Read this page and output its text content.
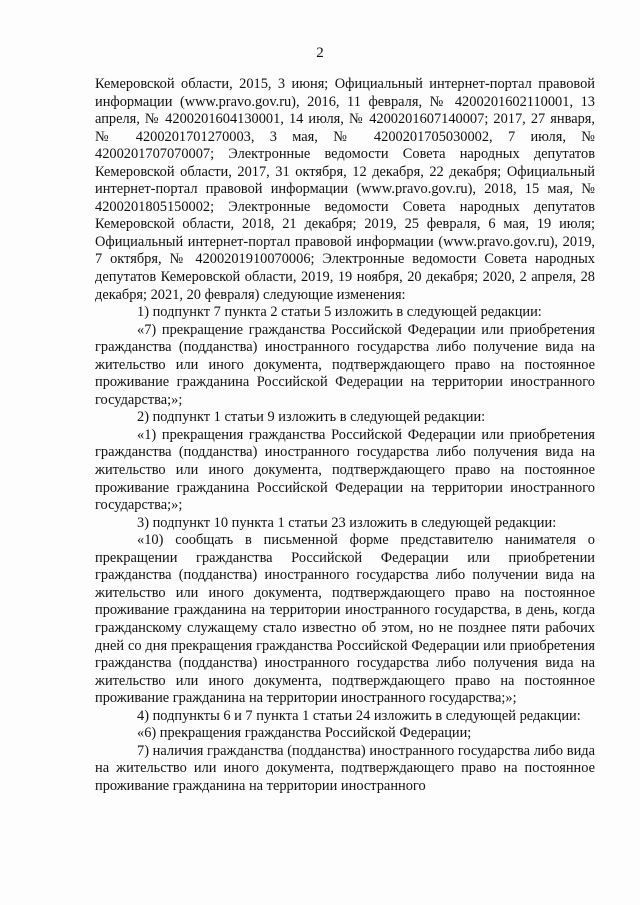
2

Кемеровской области, 2015, 3 июня; Официальный интернет-портал правовой информации (www.pravo.gov.ru), 2016, 11 февраля, № 4200201602110001, 13 апреля, № 4200201604130001, 14 июля, № 4200201607140007; 2017, 27 января, № 4200201701270003, 3 мая, № 4200201705030002, 7 июля, № 4200201707070007; Электронные ведомости Совета народных депутатов Кемеровской области, 2017, 31 октября, 12 декабря, 22 декабря; Официальный интернет-портал правовой информации (www.pravo.gov.ru), 2018, 15 мая, № 4200201805150002; Электронные ведомости Совета народных депутатов Кемеровской области, 2018, 21 декабря; 2019, 25 февраля, 6 мая, 19 июля; Официальный интернет-портал правовой информации (www.pravo.gov.ru), 2019, 7 октября, № 4200201910070006; Электронные ведомости Совета народных депутатов Кемеровской области, 2019, 19 ноября, 20 декабря; 2020, 2 апреля, 28 декабря; 2021, 20 февраля) следующие изменения:

1) подпункт 7 пункта 2 статьи 5 изложить в следующей редакции:

«7) прекращение гражданства Российской Федерации или приобретения гражданства (подданства) иностранного государства либо получение вида на жительство или иного документа, подтверждающего право на постоянное проживание гражданина Российской Федерации на территории иностранного государства;»;

2) подпункт 1 статьи 9 изложить в следующей редакции:

«1) прекращения гражданства Российской Федерации или приобретения гражданства (подданства) иностранного государства либо получения вида на жительство или иного документа, подтверждающего право на постоянное проживание гражданина Российской Федерации на территории иностранного государства;»;

3) подпункт 10 пункта 1 статьи 23 изложить в следующей редакции:

«10) сообщать в письменной форме представителю нанимателя о прекращении гражданства Российской Федерации или приобретении гражданства (подданства) иностранного государства либо получении вида на жительство или иного документа, подтверждающего право на постоянное проживание гражданина на территории иностранного государства, в день, когда гражданскому служащему стало известно об этом, но не позднее пяти рабочих дней со дня прекращения гражданства Российской Федерации или приобретения гражданства (подданства) иностранного государства либо получения вида на жительство или иного документа, подтверждающего право на постоянное проживание гражданина на территории иностранного государства;»;

4) подпункты 6 и 7 пункта 1 статьи 24 изложить в следующей редакции:

«6) прекращения гражданства Российской Федерации;

7) наличия гражданства (подданства) иностранного государства либо вида на жительство или иного документа, подтверждающего право на постоянное проживание гражданина на территории иностранного
